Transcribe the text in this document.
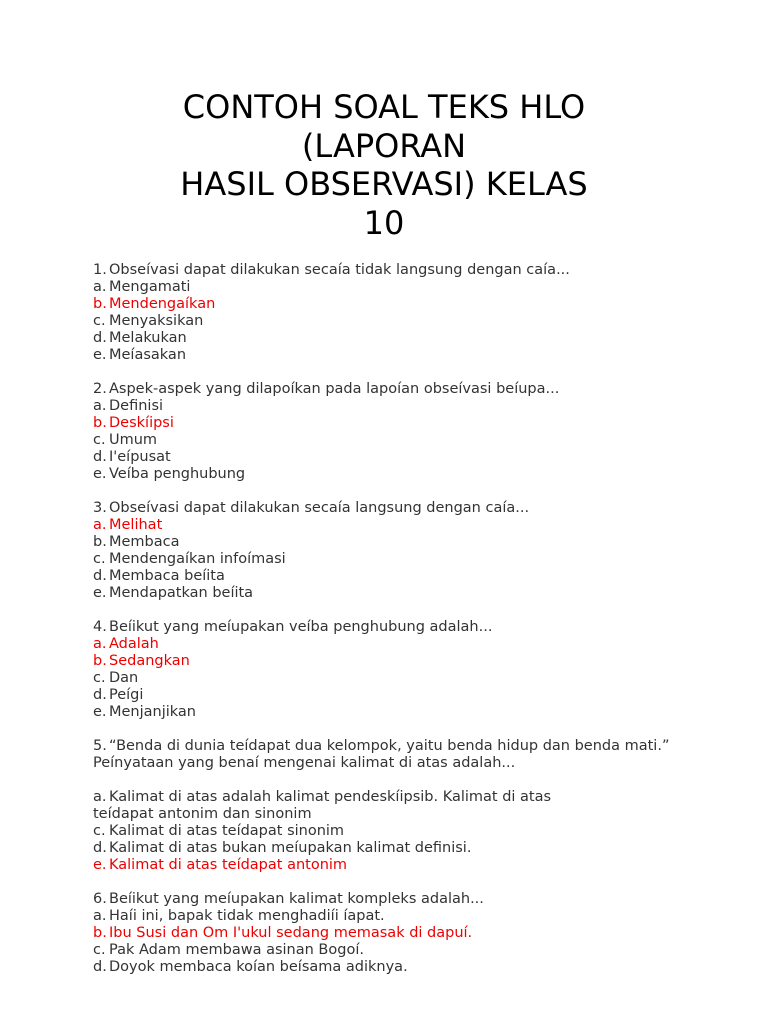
CONTOH SOAL TEKS HLO
(LAPORAN
HASIL OBSERVASI) KELAS
10
1. Obseívasi dapat dilakukan secaía tidak langsung dengan caía...
a. Mengamati
b. Mendengaíkan
c. Menyaksikan
d. Melakukan
e. Meíasakan
2. Aspek-aspek yang dilapoíkan pada lapoían obseívasi beíupa...
a. Definisi
b. Deskíipsi
c. Umum
d. I'eípusat
e. Veíba penghubung
3. Obseívasi dapat dilakukan secaía langsung dengan caía...
a. Melihat
b. Membaca
c. Mendengaíkan infoímasi
d. Membaca beíita
e. Mendapatkan beíita
4. Beíikut yang meíupakan veíba penghubung adalah...
a. Adalah
b. Sedangkan
c. Dan
d. Peígi
e. Menjanjikan
5. “Benda di dunia teídapat dua kelompok, yaitu benda hidup dan benda mati.”
Peínyataan yang benaí mengenai kalimat di atas adalah...
a. Kalimat di atas adalah kalimat pendeskíipsib. Kalimat di atas
teídapat antonim dan sinonim
c. Kalimat di atas teídapat sinonim
d. Kalimat di atas bukan meíupakan kalimat definisi.
e. Kalimat di atas teídapat antonim
6. Beíikut yang meíupakan kalimat kompleks adalah...
a. Haíi ini, bapak tidak menghadiíi íapat.
b. Ibu Susi dan Om I'ukul sedang memasak di dapuí.
c. Pak Adam membawa asinan Bogoí.
d. Doyok membaca koían beísama adiknya.
